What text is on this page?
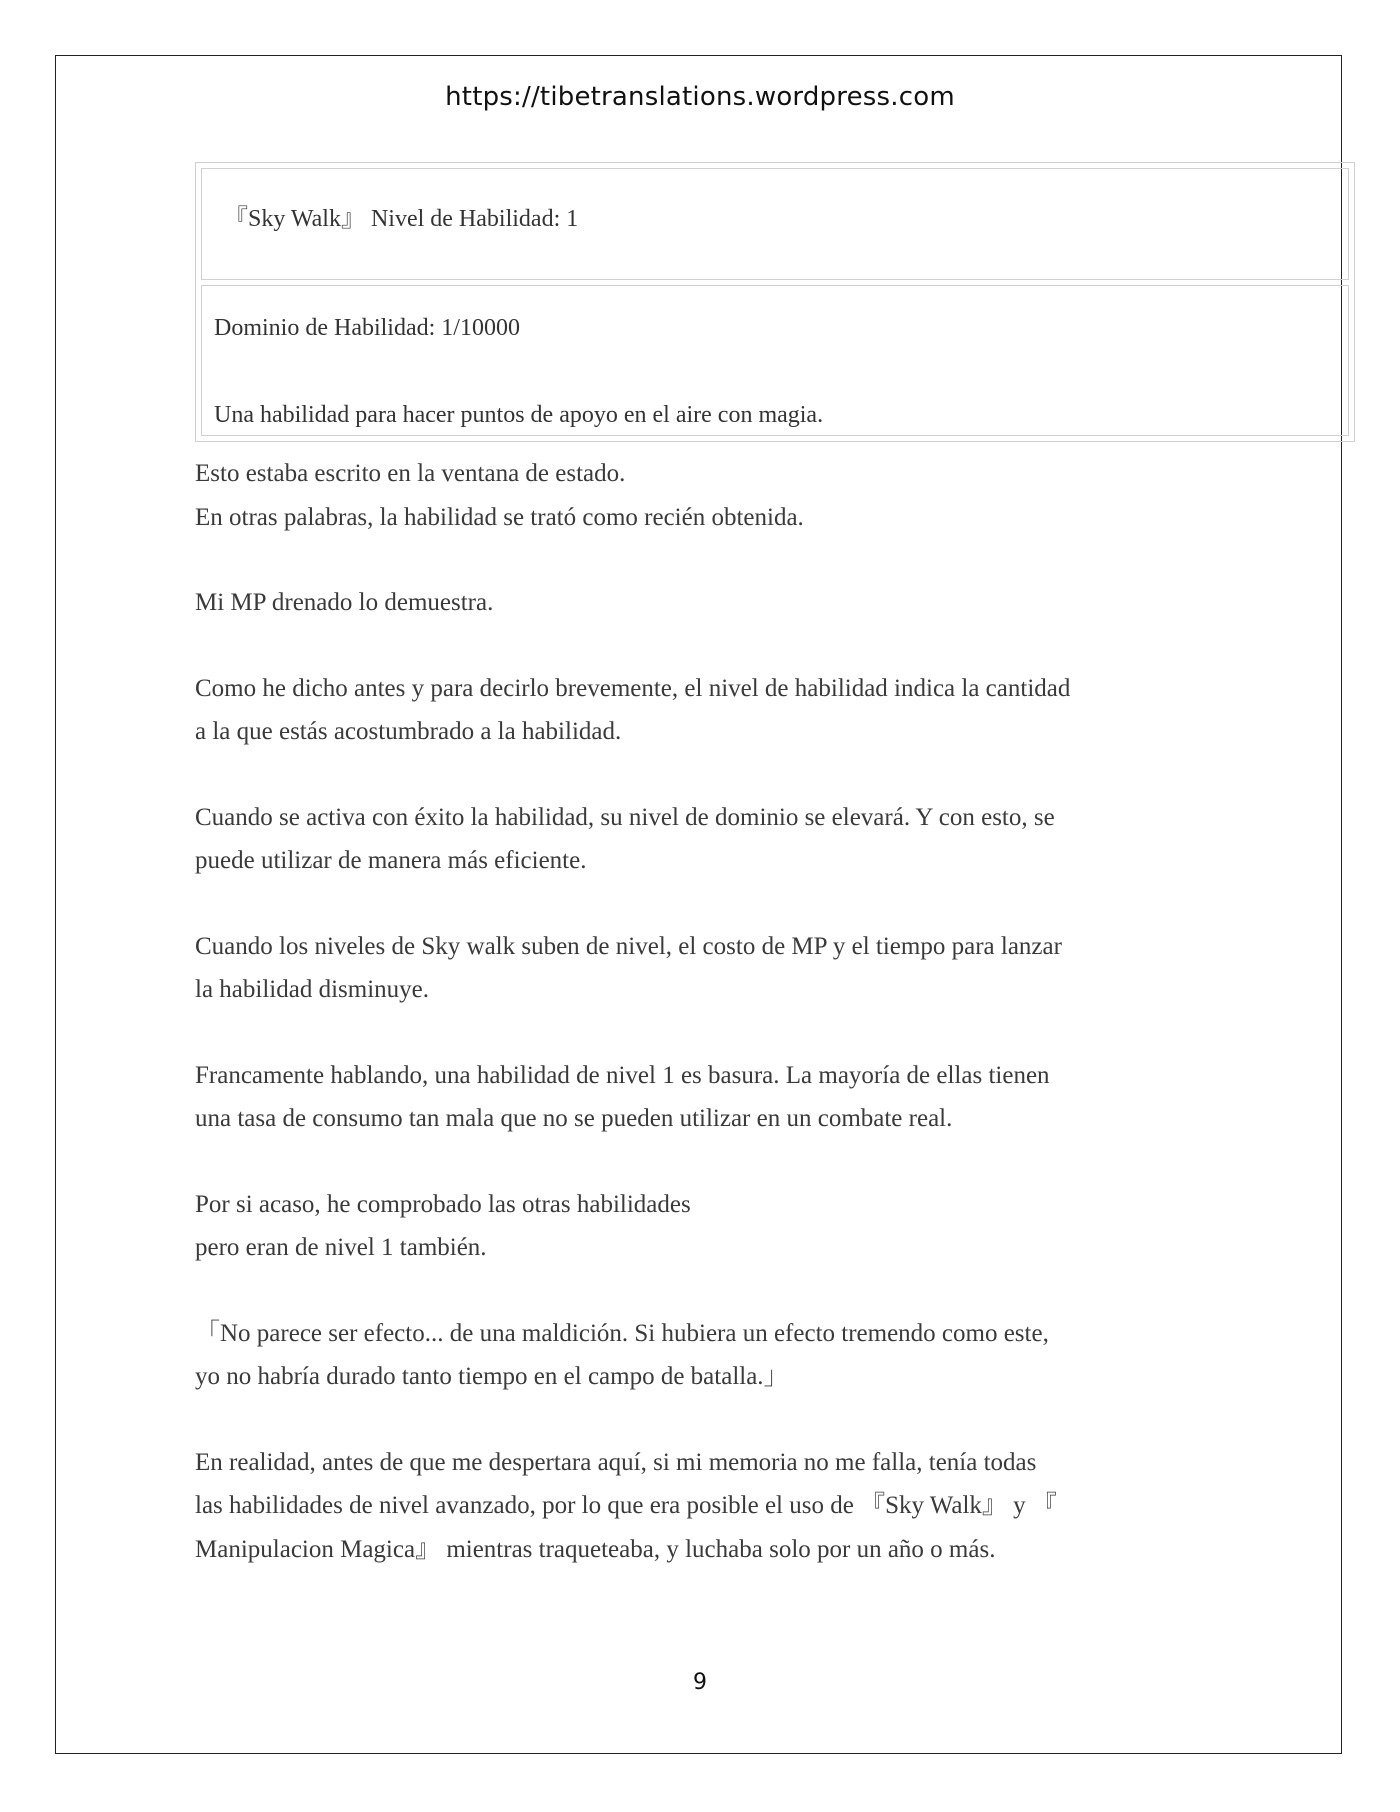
https://tibetranslations.wordpress.com
『Sky Walk』 Nivel de Habilidad: 1
Dominio de Habilidad: 1/10000
Una habilidad para hacer puntos de apoyo en el aire con magia.

Esto estaba escrito en la ventana de estado.
En otras palabras, la habilidad se trató como recién obtenida.

Mi MP drenado lo demuestra.

Como he dicho antes y para decirlo brevemente, el nivel de habilidad indica la cantidad
a la que estás acostumbrado a la habilidad.

Cuando se activa con éxito la habilidad, su nivel de dominio se elevará. Y con esto, se
puede utilizar de manera más eficiente.

Cuando los niveles de Sky walk suben de nivel, el costo de MP y el tiempo para lanzar
la habilidad disminuye.

Francamente hablando, una habilidad de nivel 1 es basura. La mayoría de ellas tienen
una tasa de consumo tan mala que no se pueden utilizar en un combate real.

Por si acaso, he comprobado las otras habilidades
pero eran de nivel 1 también.

「No parece ser efecto... de una maldición. Si hubiera un efecto tremendo como este,
yo no habría durado tanto tiempo en el campo de batalla.」

En realidad, antes de que me despertara aquí, si mi memoria no me falla, tenía todas
las habilidades de nivel avanzado, por lo que era posible el uso de 『Sky Walk』 y 『
Manipulacion Magica』 mientras traqueteaba, y luchaba solo por un año o más.

9
